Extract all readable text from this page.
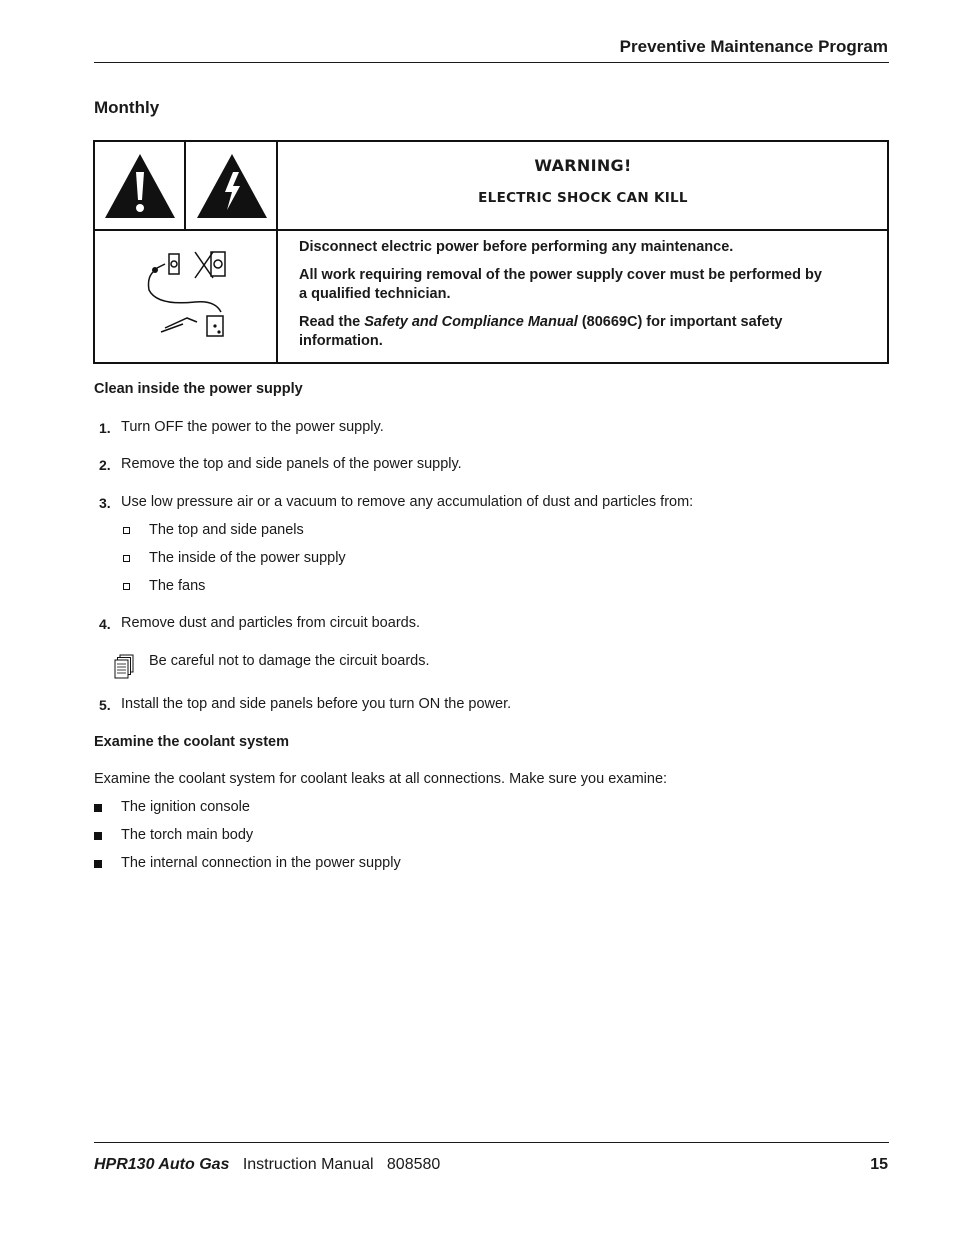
Preventive Maintenance Program
Monthly
WARNING!
ELECTRIC SHOCK CAN KILL
Disconnect electric power before performing any maintenance.
All work requiring removal of the power supply cover must be performed by
a qualified technician.
Read the Safety and Compliance Manual (80669C) for important safety
information.
Clean inside the power supply
1. Turn OFF the power to the power supply.
2. Remove the top and side panels of the power supply.
3. Use low pressure air or a vacuum to remove any accumulation of dust and particles from:
The top and side panels
The inside of the power supply
The fans
4. Remove dust and particles from circuit boards.
Be careful not to damage the circuit boards.
5. Install the top and side panels before you turn ON the power.
Examine the coolant system
Examine the coolant system for coolant leaks at all connections. Make sure you examine:
The ignition console
The torch main body
The internal connection in the power supply
HPR130 Auto Gas Instruction Manual 808580	15
